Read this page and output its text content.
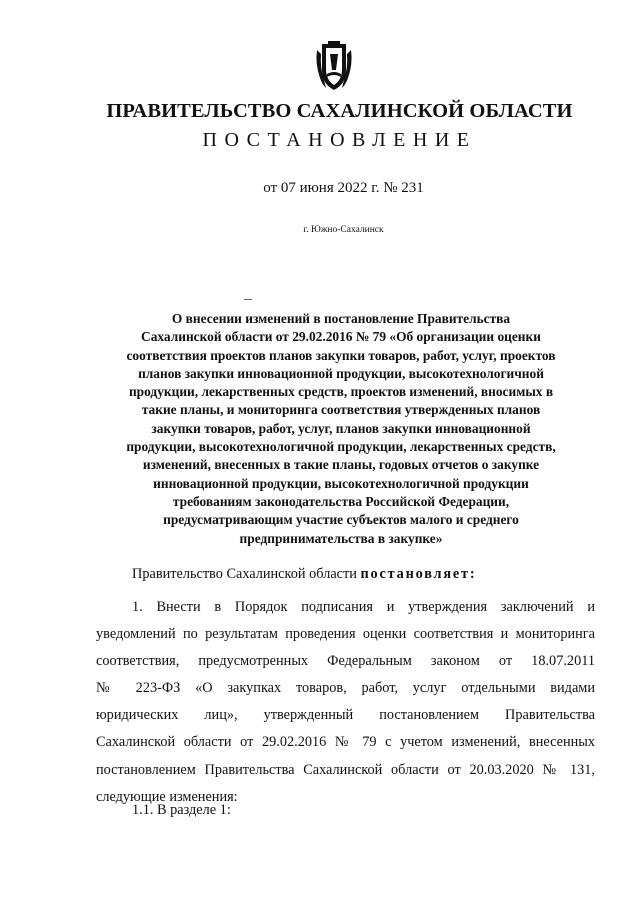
ПРАВИТЕЛЬСТВО САХАЛИНСКОЙ ОБЛАСТИ
ПОСТАНОВЛЕНИЕ
от 07 июня 2022 г. № 231
г. Южно-Сахалинск
О внесении изменений в постановление Правительства
Сахалинской области от 29.02.2016 № 79 «Об организации оценки
соответствия проектов планов закупки товаров, работ, услуг, проектов
планов закупки инновационной продукции, высокотехнологичной
продукции, лекарственных средств, проектов изменений, вносимых в
такие планы, и мониторинга соответствия утвержденных планов
закупки товаров, работ, услуг, планов закупки инновационной
продукции, высокотехнологичной продукции, лекарственных средств,
изменений, внесенных в такие планы, годовых отчетов о закупке
инновационной продукции, высокотехнологичной продукции
требованиям законодательства Российской Федерации,
предусматривающим участие субъектов малого и среднего
предпринимательства в закупке»
Правительство Сахалинской области постановляет:
1. Внести в Порядок подписания и утверждения заключений и
уведомлений по результатам проведения оценки соответствия и мониторинга
соответствия, предусмотренных Федеральным законом от 18.07.2011
№ 223-ФЗ «О закупках товаров, работ, услуг отдельными видами
юридических лиц», утвержденный постановлением Правительства
Сахалинской области от 29.02.2016 № 79 с учетом изменений, внесенных
постановлением Правительства Сахалинской области от 20.03.2020 № 131,
следующие изменения:
1.1. В разделе 1:
